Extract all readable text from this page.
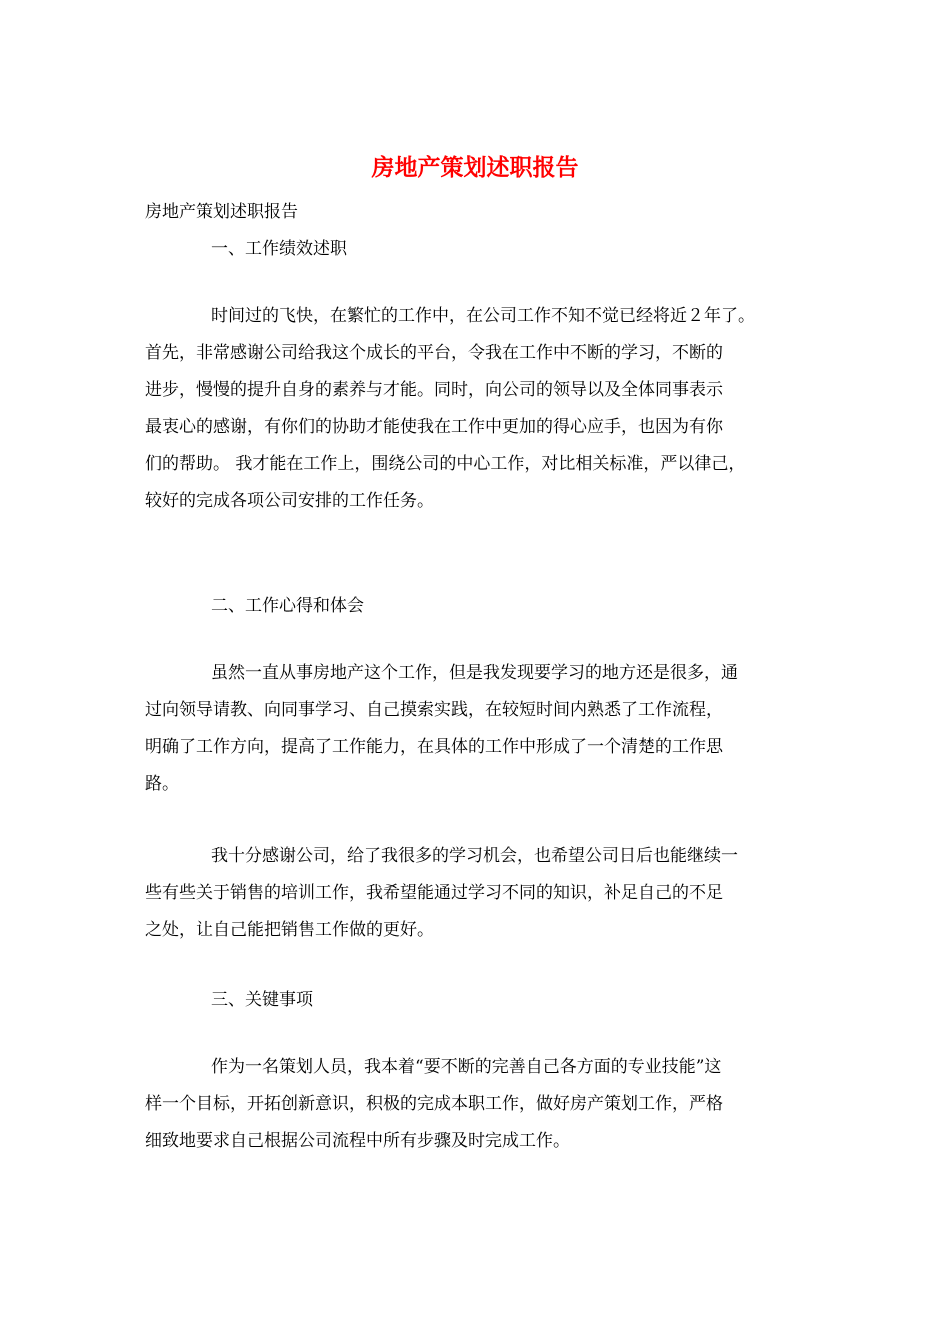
房地产策划述职报告

房地产策划述职报告

一、工作绩效述职

时间过的飞快，在繁忙的工作中，在公司工作不知不觉已经将近２年了。

首先，非常感谢公司给我这个成长的平台，令我在工作中不断的学习，不断的

进步，慢慢的提升自身的素养与才能。同时，向公司的领导以及全体同事表示

最衷心的感谢，有你们的协助才能使我在工作中更加的得心应手，也因为有你

们的帮助。 我才能在工作上，围绕公司的中心工作，对比相关标准，严以律己，

较好的完成各项公司安排的工作任务。

二、工作心得和体会

虽然一直从事房地产这个工作，但是我发现要学习的地方还是很多，通

过向领导请教、向同事学习、自己摸索实践，在较短时间内熟悉了工作流程，

明确了工作方向，提高了工作能力，在具体的工作中形成了一个清楚的工作思

路。

我十分感谢公司，给了我很多的学习机会，也希望公司日后也能继续一

些有些关于销售的培训工作，我希望能通过学习不同的知识，补足自己的不足

之处，让自己能把销售工作做的更好。

三、关键事项

作为一名策划人员，我本着“要不断的完善自己各方面的专业技能”这

样一个目标，开拓创新意识，积极的完成本职工作，做好房产策划工作，严格

细致地要求自己根据公司流程中所有步骤及时完成工作。
